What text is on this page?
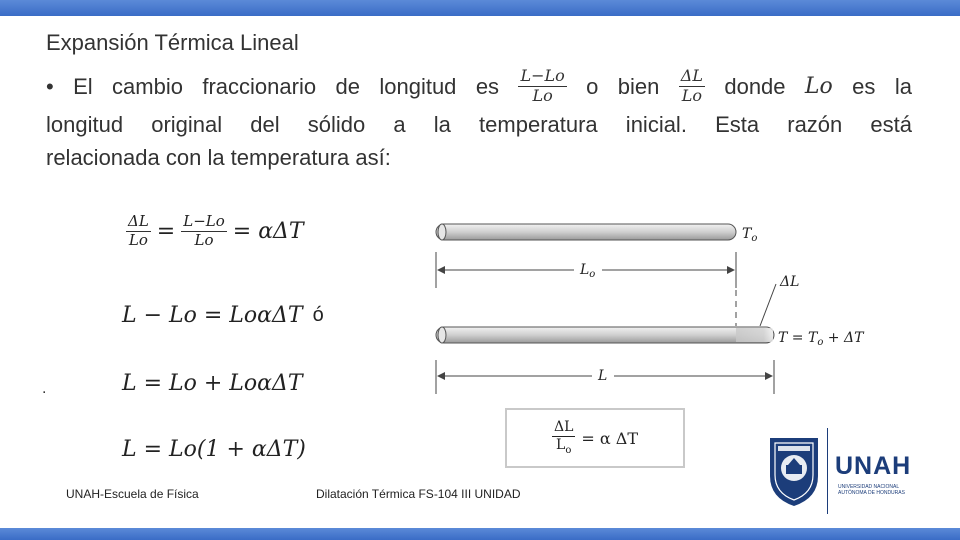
Expansión Térmica Lineal
• El cambio fraccionario de longitud es $\frac{L-Lo}{Lo}$ o bien $\frac{\Delta L}{Lo}$ donde Lo es la
longitud original del sólido a la temperatura inicial. Esta razón está
relacionada con la temperatura así:
$\frac{\Delta L}{Lo} = \frac{L-Lo}{Lo} = \alpha\Delta T$
L − Lo = LoαΔT ó
.	L = Lo + LoαΔT
L = Lo(1 + αΔT)
$T_o$
$L_o$	ΔL
$T = T_o + \Delta T$
L
$\frac{\Delta L}{L_o} = \alpha$ ΔT
UNAH-Escuela de Física	Dilatación Térmica FS-104 III UNIDAD
UNAH
UNIVERSIDAD NACIONAL AUTÓNOMA DE HONDURAS
